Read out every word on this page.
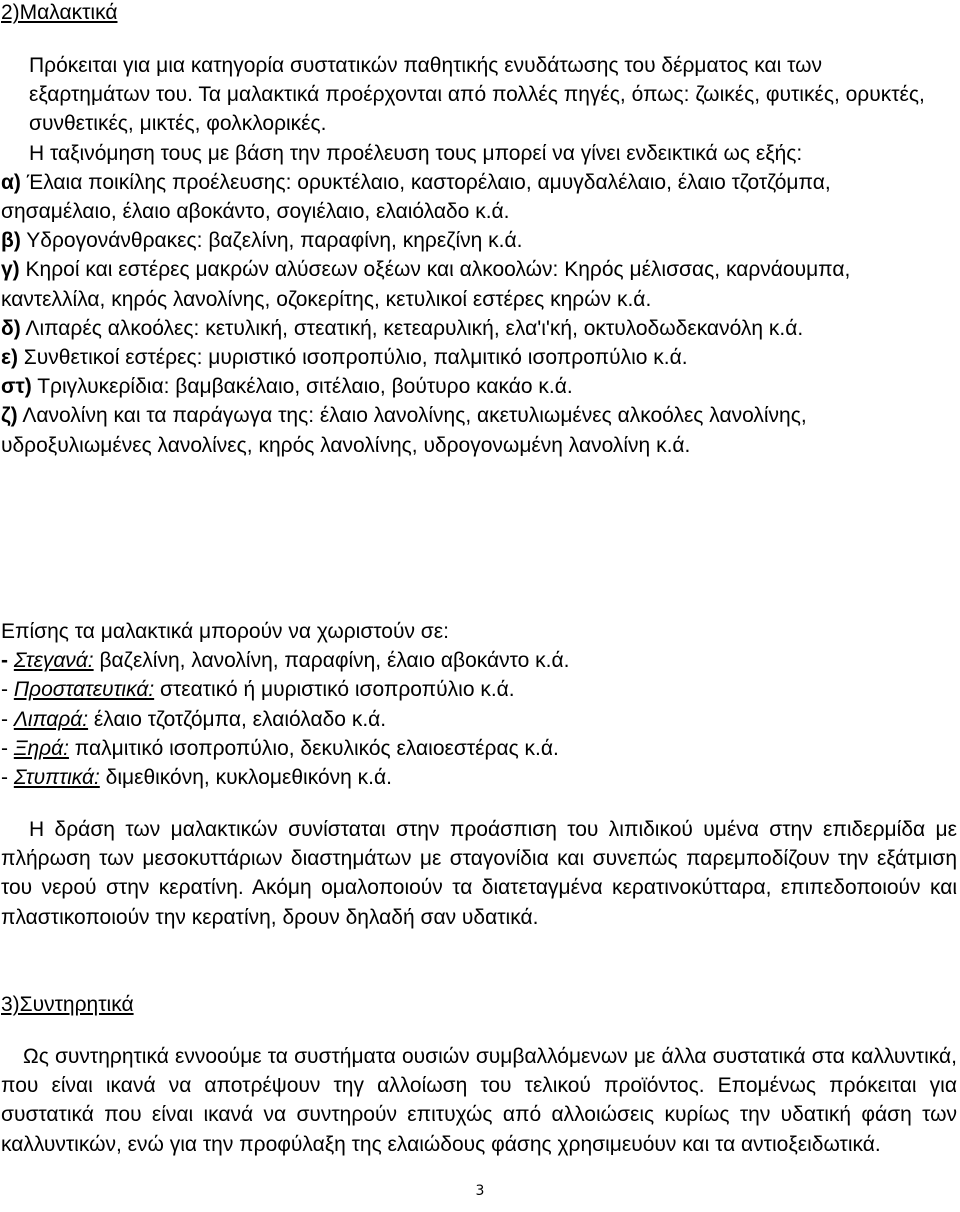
2)Μαλακτικά

Πρόκειται για μια κατηγορία συστατικών παθητικής ενυδάτωσης του δέρματος και των εξαρτημάτων του. Τα μαλακτικά προέρχονται από πολλές πηγές, όπως: ζωικές, φυτικές, ορυκτές, συνθετικές, μικτές, φολκλορικές.

Η ταξινόμηση τους με βάση την προέλευση τους μπορεί να γίνει ενδεικτικά ως εξής:

α) Έλαια ποικίλης προέλευσης: ορυκτέλαιο, καστορέλαιο, αμυγδαλέλαιο, έλαιο τζοτζόμπα, σησαμέλαιο, έλαιο αβοκάντο, σογιέλαιο, ελαιόλαδο κ.ά.

β) Υδρογονάνθρακες: βαζελίνη, παραφίνη, κηρεζίνη κ.ά.

γ) Κηροί και εστέρες μακρών αλύσεων οξέων και αλκοολών: Κηρός μέλισσας, καρνάουμπα, καντελλίλα, κηρός λανολίνης, οζοκερίτης, κετυλικοί εστέρες κηρών κ.ά.

δ) Λιπαρές αλκοόλες: κετυλική, στεατική, κετεαρυλική, ελα'ι'κή, οκτυλοδωδεκανόλη κ.ά.

ε) Συνθετικοί εστέρες: μυριστικό ισοπροπύλιο, παλμιτικό ισοπροπύλιο κ.ά.

στ) Τριγλυκερίδια: βαμβακέλαιο, σιτέλαιο, βούτυρο κακάο κ.ά.

ζ) Λανολίνη και τα παράγωγα της: έλαιο λανολίνης, ακετυλιωμένες αλκοόλες λανολίνης, υδροξυλιωμένες λανολίνες, κηρός λανολίνης, υδρογονωμένη λανολίνη κ.ά.

Επίσης τα μαλακτικά μπορούν να χωριστούν σε:

- Στεγανά: βαζελίνη, λανολίνη, παραφίνη, έλαιο αβοκάντο κ.ά.

- Προστατευτικά: στεατικό ή μυριστικό ισοπροπύλιο κ.ά.

- Λιπαρά: έλαιο τζοτζόμπα, ελαιόλαδο κ.ά.

- Ξηρά: παλμιτικό ισοπροπύλιο, δεκυλικός ελαιοεστέρας κ.ά.

- Στυπτικά: διμεθικόνη, κυκλομεθικόνη κ.ά.

Η δράση των μαλακτικών συνίσταται στην προάσπιση του λιπιδικού υμένα στην επιδερμίδα με πλήρωση των μεσοκυττάριων διαστημάτων με σταγονίδια και συνεπώς παρεμποδίζουν την εξάτμιση του νερού στην κερατίνη. Ακόμη ομαλοποιούν τα διατεταγμένα κερατινοκύτταρα, επιπεδοποιούν και πλαστικοποιούν την κερατίνη, δρουν δηλαδή σαν υδατικά.

3)Συντηρητικά

Ως συντηρητικά εννοούμε τα συστήματα ουσιών συμβαλλόμενων με άλλα συστατικά στα καλλυντικά, που είναι ικανά να αποτρέψουν τηγ αλλοίωση του τελικού προϊόντος. Επομένως πρόκειται για συστατικά που είναι ικανά να συντηρούν επιτυχώς από αλλοιώσεις κυρίως την υδατική φάση των καλλυντικών, ενώ για την προφύλαξη της ελαιώδους φάσης χρησιμευόυν και τα αντιοξειδωτικά.

3
